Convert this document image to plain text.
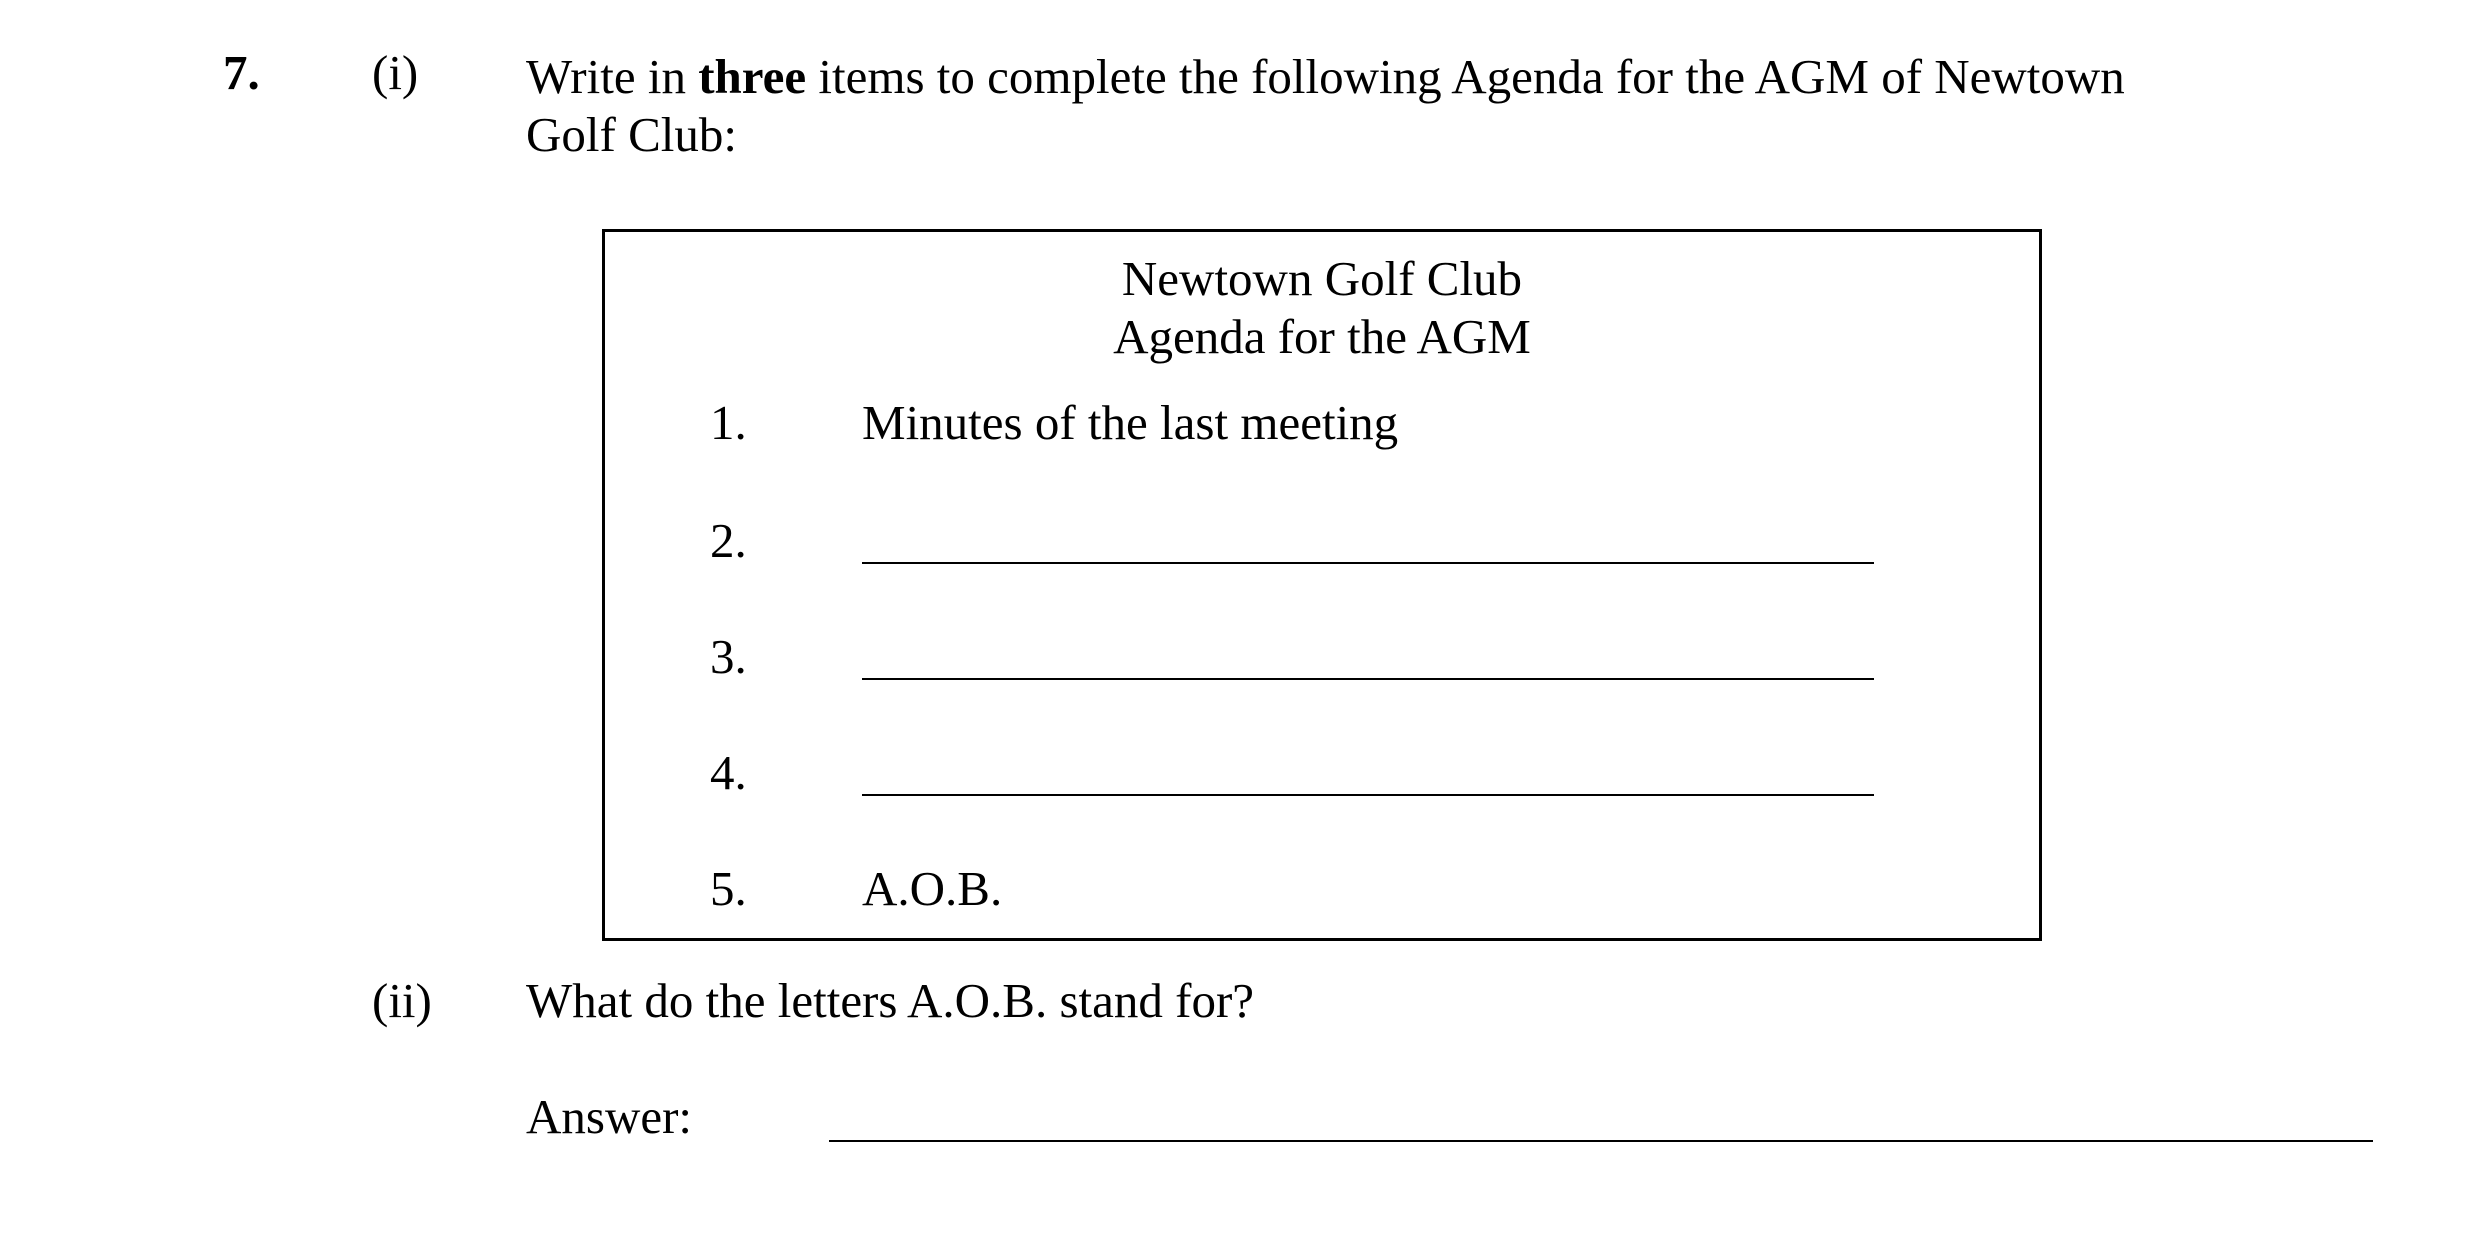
7. (i) Write in three items to complete the following Agenda for the AGM of Newtown
Golf Club:
Newtown Golf Club
Agenda for the AGM
1. Minutes of the last meeting
2.
3.
4.
5. A.O.B.
(ii) What do the letters A.O.B. stand for?
Answer:
